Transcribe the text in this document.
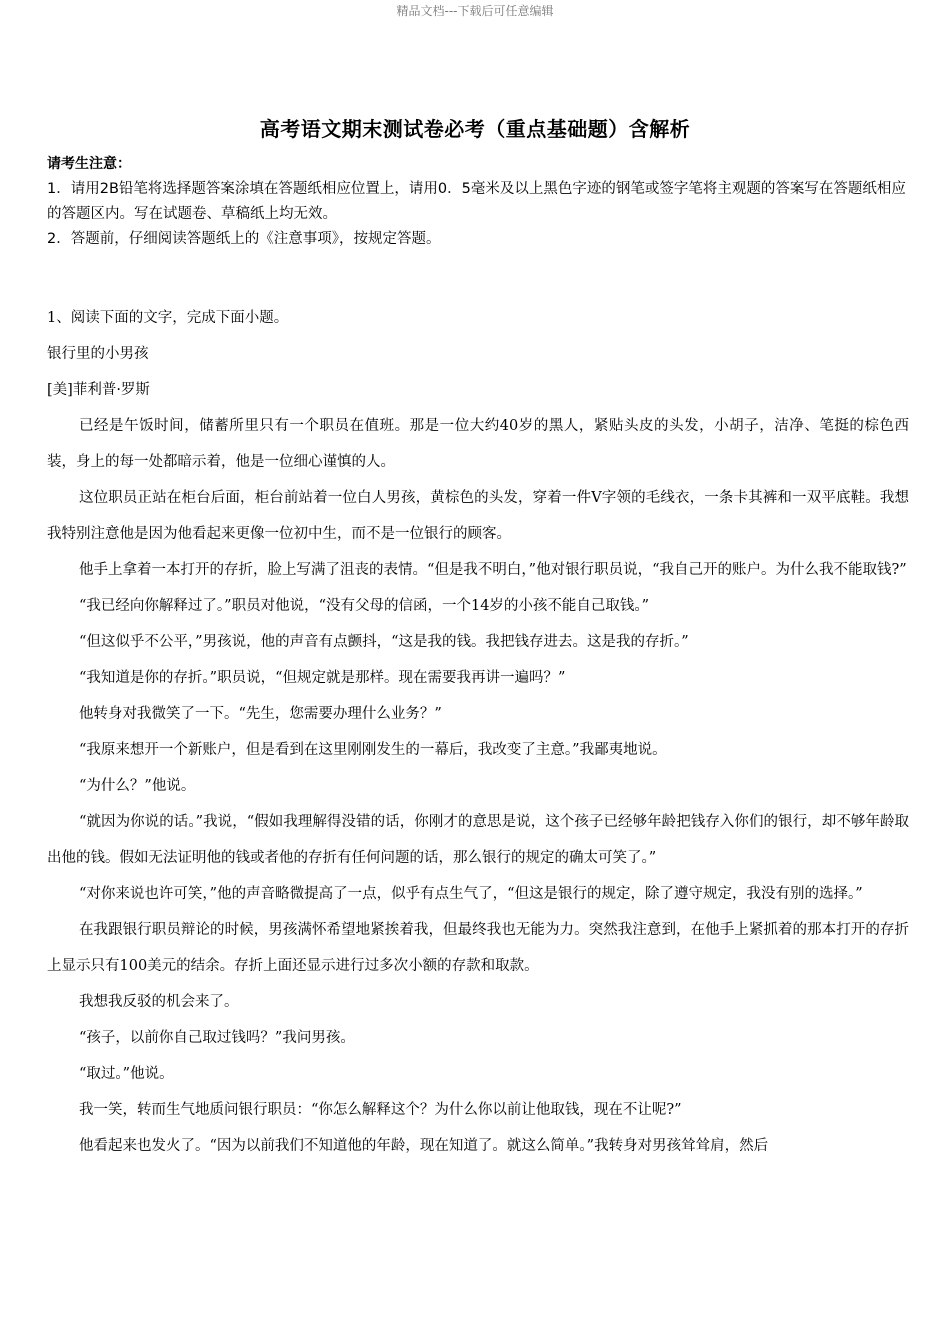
精品文档---下载后可任意编辑
高考语文期末测试卷必考（重点基础题）含解析

请考生注意：

1．请用2B铅笔将选择题答案涂填在答题纸相应位置上，请用0．5毫米及以上黑色字迹的钢笔或签字笔将主观题的答案写在答题纸相应的答题区内。写在试题卷、草稿纸上均无效。

2．答题前，仔细阅读答题纸上的《注意事项》，按规定答题。

1、阅读下面的文字，完成下面小题。

银行里的小男孩

[美]菲利普·罗斯

已经是午饭时间，储蓄所里只有一个职员在值班。那是一位大约40岁的黑人，紧贴头皮的头发，小胡子，洁净、笔挺的棕色西装，身上的每一处都暗示着，他是一位细心谨慎的人。

这位职员正站在柜台后面，柜台前站着一位白人男孩，黄棕色的头发，穿着一件V字领的毛线衣，一条卡其裤和一双平底鞋。我想我特别注意他是因为他看起来更像一位初中生，而不是一位银行的顾客。

他手上拿着一本打开的存折，脸上写满了沮丧的表情。“但是我不明白，”他对银行职员说，“我自己开的账户。为什么我不能取钱?”

“我已经向你解释过了。”职员对他说，“没有父母的信函，一个14岁的小孩不能自己取钱。”

“但这似乎不公平，”男孩说，他的声音有点颤抖，“这是我的钱。我把钱存进去。这是我的存折。”

“我知道是你的存折。”职员说，“但规定就是那样。现在需要我再讲一遍吗？”

他转身对我微笑了一下。“先生，您需要办理什么业务？”

“我原来想开一个新账户，但是看到在这里刚刚发生的一幕后，我改变了主意。”我鄙夷地说。

“为什么？”他说。

“就因为你说的话。”我说，“假如我理解得没错的话，你刚才的意思是说，这个孩子已经够年龄把钱存入你们的银行，却不够年龄取出他的钱。假如无法证明他的钱或者他的存折有任何问题的话，那么银行的规定的确太可笑了。”

“对你来说也许可笑，”他的声音略微提高了一点，似乎有点生气了，“但这是银行的规定，除了遵守规定，我没有别的选择。”

在我跟银行职员辩论的时候，男孩满怀希望地紧挨着我，但最终我也无能为力。突然我注意到，在他手上紧抓着的那本打开的存折上显示只有100美元的结余。存折上面还显示进行过多次小额的存款和取款。

我想我反驳的机会来了。

“孩子，以前你自己取过钱吗？”我问男孩。

“取过。”他说。

我一笑，转而生气地质问银行职员：“你怎么解释这个？为什么你以前让他取钱，现在不让呢?”

他看起来也发火了。“因为以前我们不知道他的年龄，现在知道了。就这么简单。”我转身对男孩耸耸肩，然后
